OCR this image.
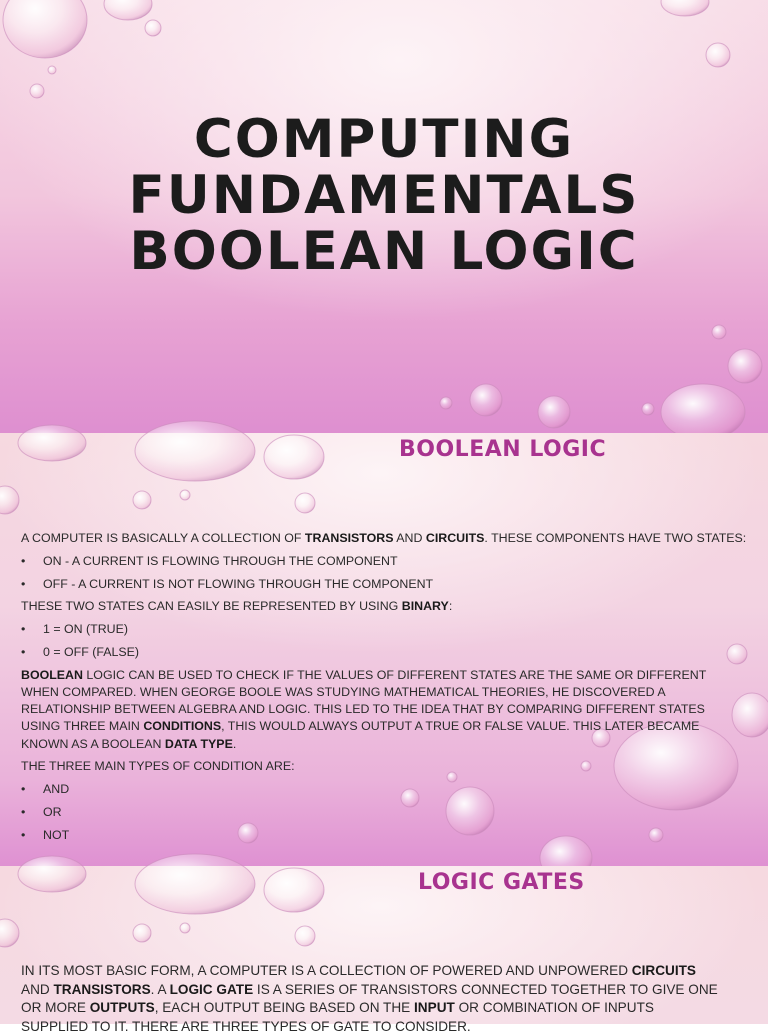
COMPUTING
FUNDAMENTALS
BOOLEAN LOGIC
BOOLEAN LOGIC

A COMPUTER IS BASICALLY A COLLECTION OF TRANSISTORS AND CIRCUITS. THESE COMPONENTS HAVE TWO STATES:

•	ON - A CURRENT IS FLOWING THROUGH THE COMPONENT
•	OFF - A CURRENT IS NOT FLOWING THROUGH THE COMPONENT

THESE TWO STATES CAN EASILY BE REPRESENTED BY USING BINARY:

•	1 = ON (TRUE)
•	0 = OFF (FALSE)

BOOLEAN LOGIC CAN BE USED TO CHECK IF THE VALUES OF DIFFERENT STATES ARE THE SAME OR DIFFERENT WHEN COMPARED. WHEN GEORGE BOOLE WAS STUDYING MATHEMATICAL THEORIES, HE DISCOVERED A RELATIONSHIP BETWEEN ALGEBRA AND LOGIC. THIS LED TO THE IDEA THAT BY COMPARING DIFFERENT STATES USING THREE MAIN CONDITIONS, THIS WOULD ALWAYS OUTPUT A TRUE OR FALSE VALUE. THIS LATER BECAME KNOWN AS A BOOLEAN DATA TYPE.

THE THREE MAIN TYPES OF CONDITION ARE:

•	AND
•	OR
•	NOT
LOGIC GATES

IN ITS MOST BASIC FORM, A COMPUTER IS A COLLECTION OF POWERED AND UNPOWERED CIRCUITS AND TRANSISTORS. A LOGIC GATE IS A SERIES OF TRANSISTORS CONNECTED TOGETHER TO GIVE ONE OR MORE OUTPUTS, EACH OUTPUT BEING BASED ON THE INPUT OR COMBINATION OF INPUTS SUPPLIED TO IT. THERE ARE THREE TYPES OF GATE TO CONSIDER.
